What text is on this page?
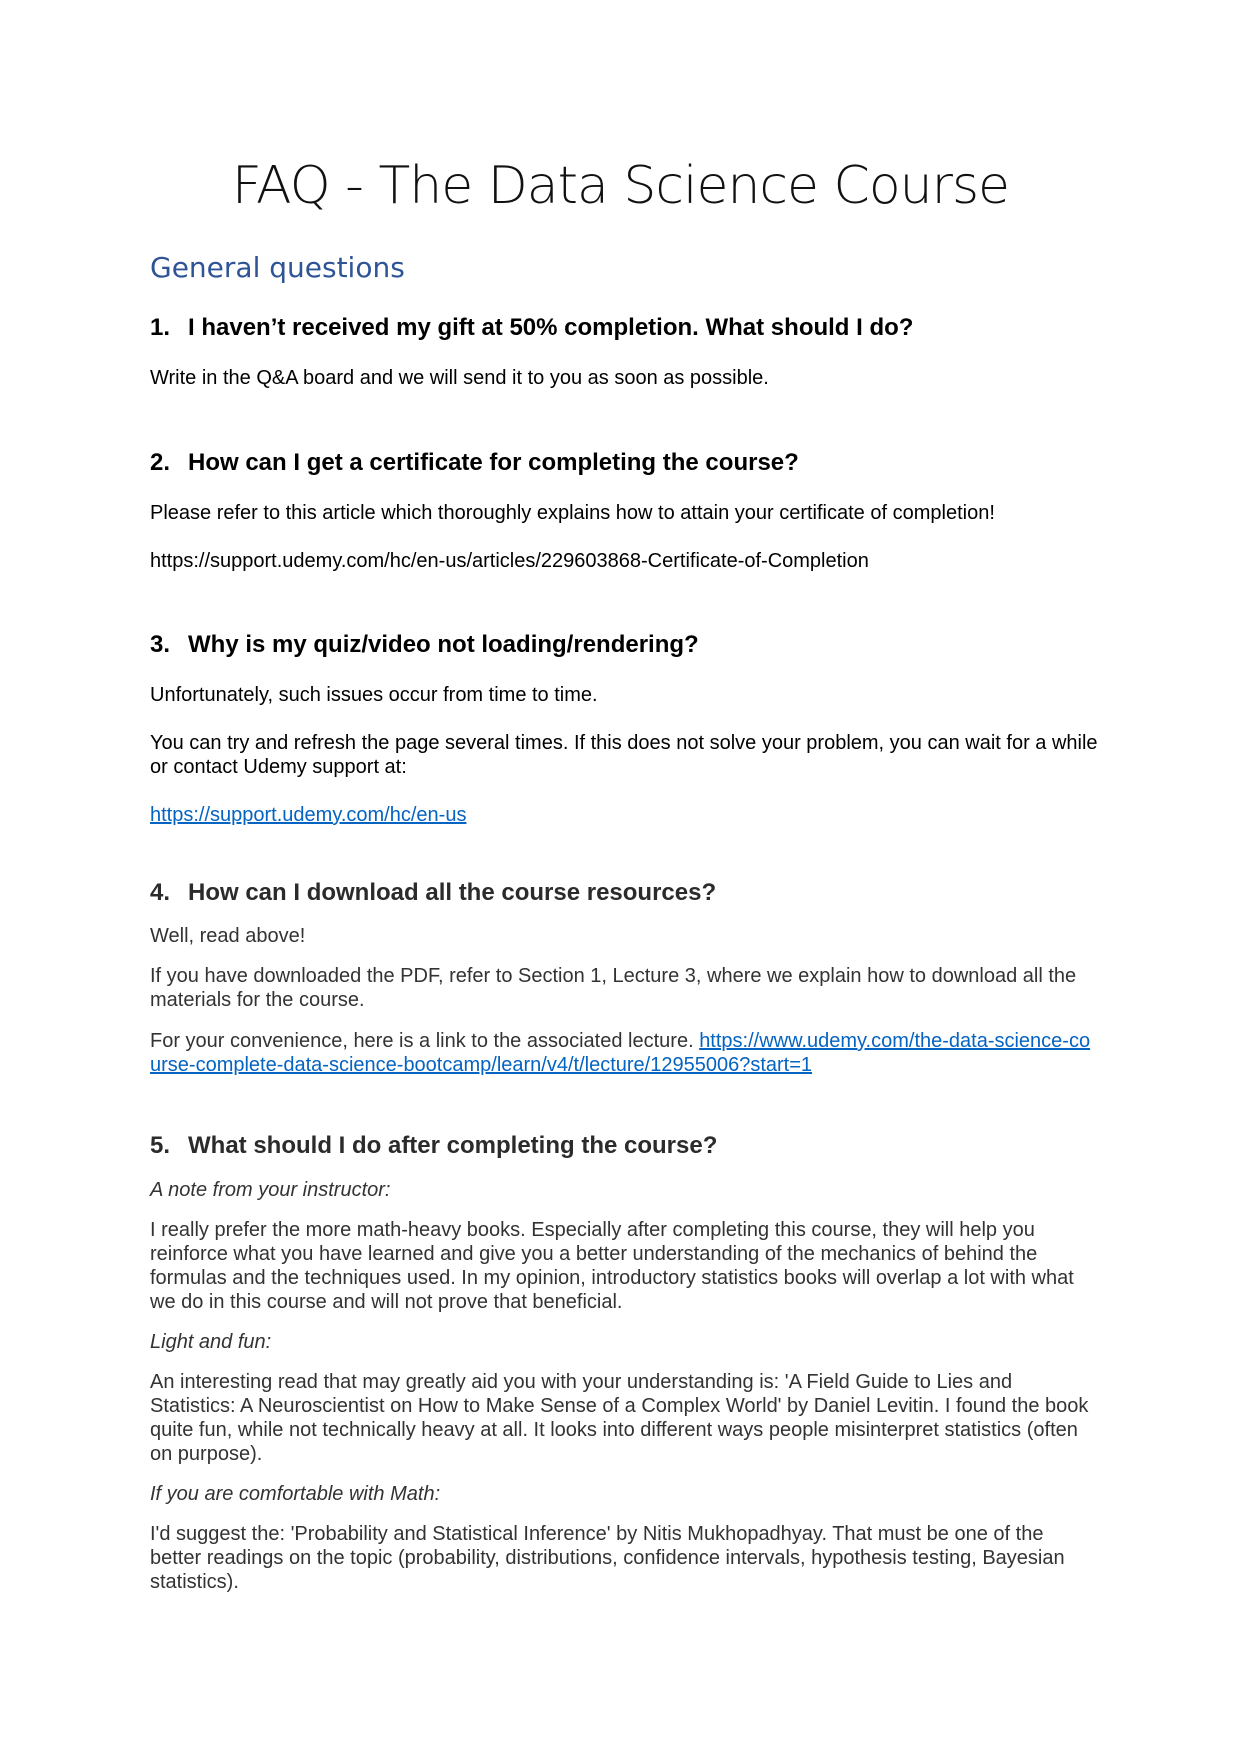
FAQ - The Data Science Course
General questions
1. I haven’t received my gift at 50% completion. What should I do?

Write in the Q&A board and we will send it to you as soon as possible.

2. How can I get a certificate for completing the course?

Please refer to this article which thoroughly explains how to attain your certificate of completion!

https://support.udemy.com/hc/en-us/articles/229603868-Certificate-of-Completion

3. Why is my quiz/video not loading/rendering?

Unfortunately, such issues occur from time to time.

You can try and refresh the page several times. If this does not solve your problem, you can wait for a while or contact Udemy support at:

https://support.udemy.com/hc/en-us

4. How can I download all the course resources?

Well, read above!

If you have downloaded the PDF, refer to Section 1, Lecture 3, where we explain how to download all the materials for the course.

For your convenience, here is a link to the associated lecture. https://www.udemy.com/the-data-science-course-complete-data-science-bootcamp/learn/v4/t/lecture/12955006?start=1

5. What should I do after completing the course?

A note from your instructor:

I really prefer the more math-heavy books. Especially after completing this course, they will help you reinforce what you have learned and give you a better understanding of the mechanics of behind the formulas and the techniques used. In my opinion, introductory statistics books will overlap a lot with what we do in this course and will not prove that beneficial.

Light and fun:

An interesting read that may greatly aid you with your understanding is: 'A Field Guide to Lies and Statistics: A Neuroscientist on How to Make Sense of a Complex World' by Daniel Levitin. I found the book quite fun, while not technically heavy at all. It looks into different ways people misinterpret statistics (often on purpose).

If you are comfortable with Math:

I'd suggest the: 'Probability and Statistical Inference' by Nitis Mukhopadhyay. That must be one of the better readings on the topic (probability, distributions, confidence intervals, hypothesis testing, Bayesian statistics).
